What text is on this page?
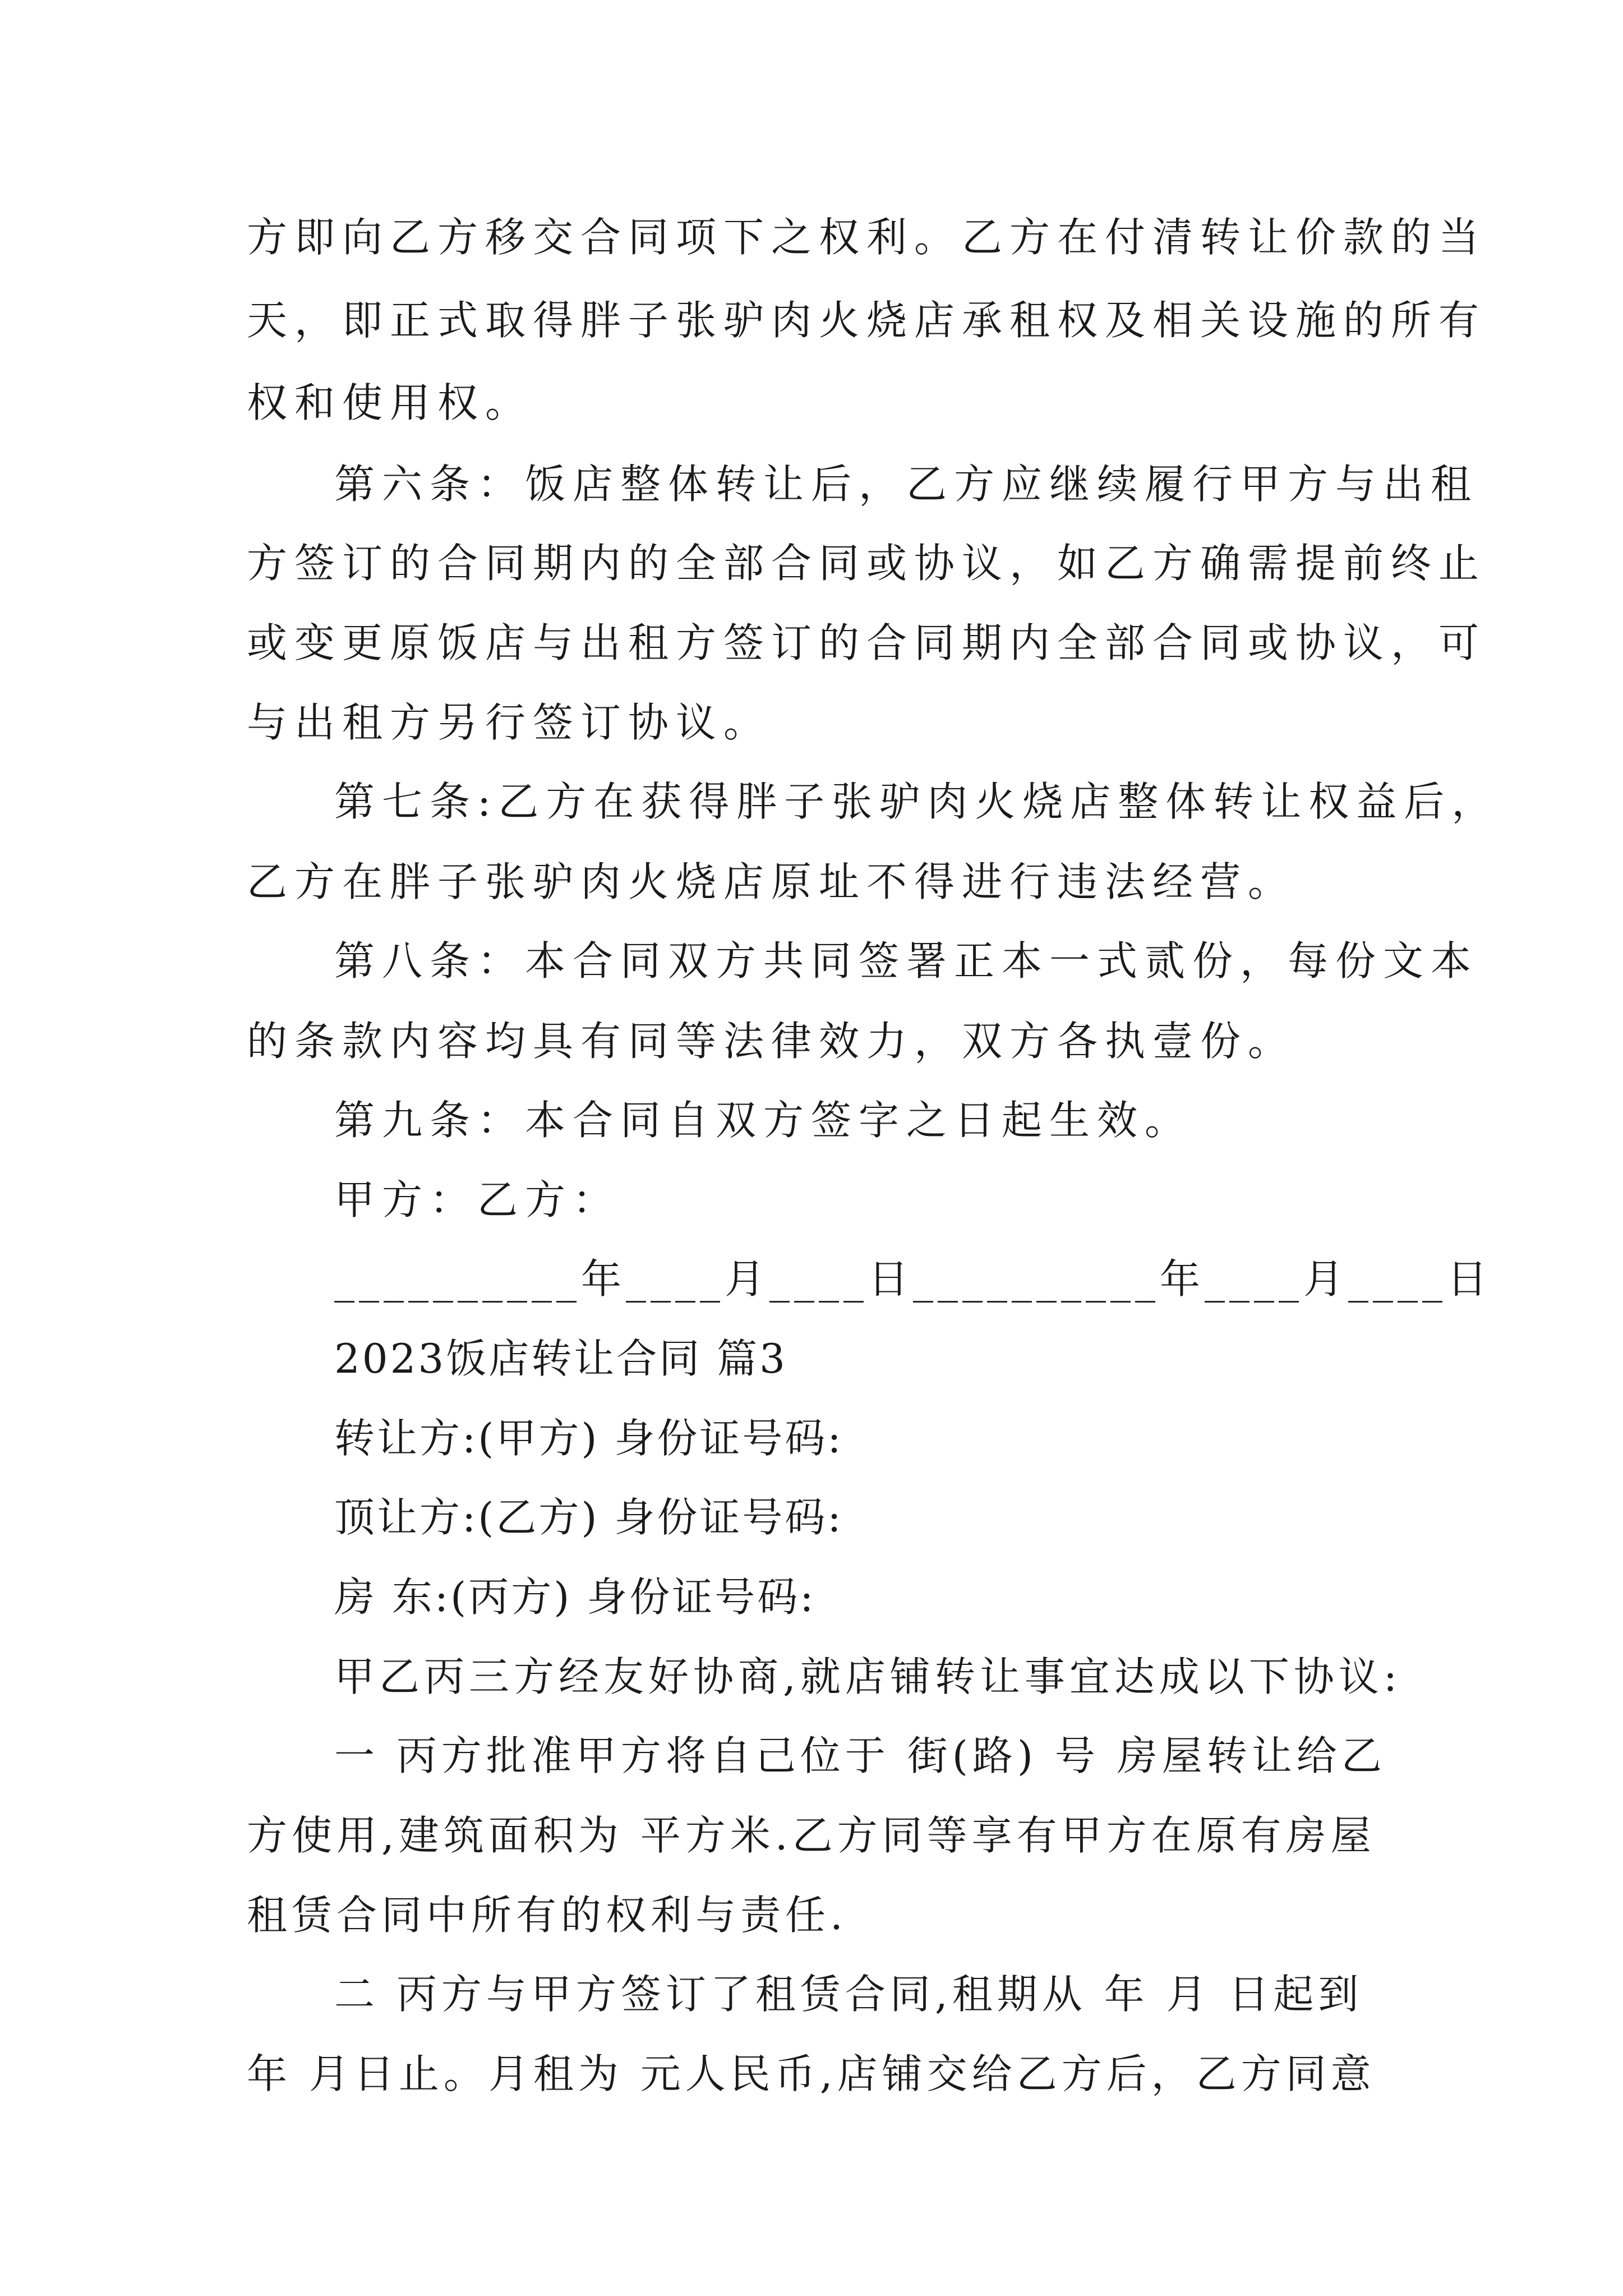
方即向乙方移交合同项下之权利。乙方在付清转让价款的当
天，即正式取得胖子张驴肉火烧店承租权及相关设施的所有
权和使用权。
第六条：饭店整体转让后，乙方应继续履行甲方与出租
方签订的合同期内的全部合同或协议，如乙方确需提前终止
或变更原饭店与出租方签订的合同期内全部合同或协议，可
与出租方另行签订协议。
第七条:乙方在获得胖子张驴肉火烧店整体转让权益后，
乙方在胖子张驴肉火烧店原址不得进行违法经营。
第八条：本合同双方共同签署正本一式贰份，每份文本
的条款内容均具有同等法律效力，双方各执壹份。
第九条：本合同自双方签字之日起生效。
甲方：乙方：
__________年____月____日__________年____月____日
2023饭店转让合同 篇3
转让方:(甲方) 身份证号码:
顶让方:(乙方) 身份证号码:
房 东:(丙方) 身份证号码:
甲乙丙三方经友好协商,就店铺转让事宜达成以下协议:
一 丙方批准甲方将自己位于 街(路) 号 房屋转让给乙
方使用,建筑面积为 平方米.乙方同等享有甲方在原有房屋
租赁合同中所有的权利与责任.
二 丙方与甲方签订了租赁合同,租期从 年 月 日起到
年 月日止。月租为 元人民币,店铺交给乙方后，乙方同意
